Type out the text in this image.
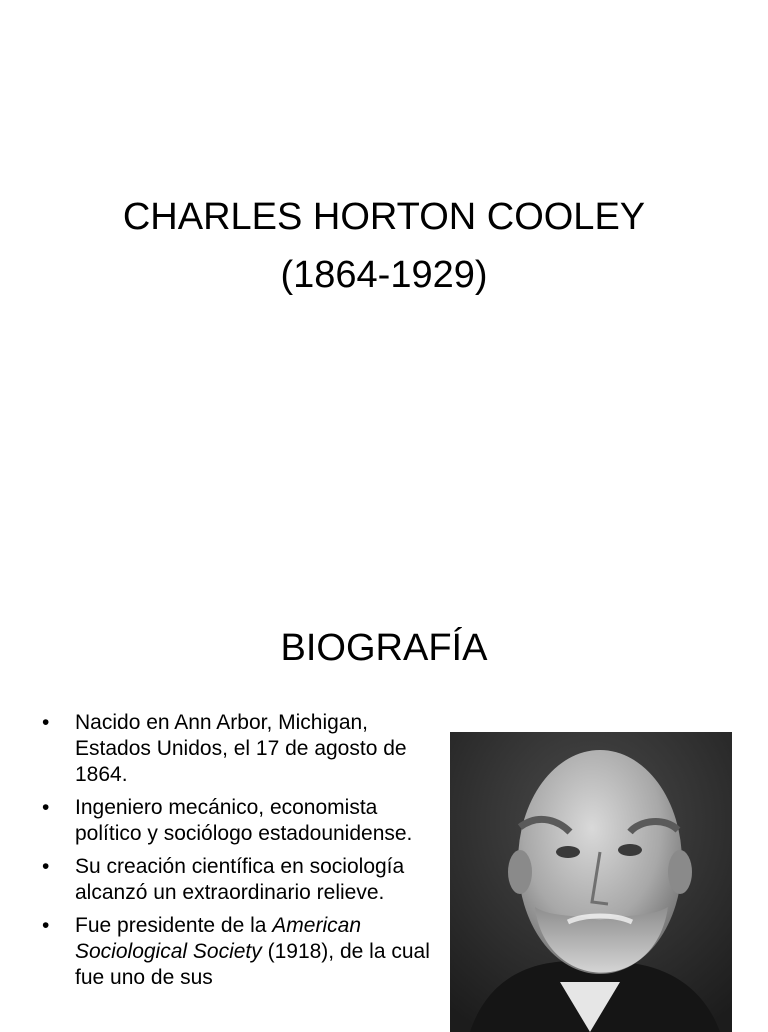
CHARLES HORTON COOLEY
(1864-1929)
BIOGRAFÍA
• Nacido en Ann Arbor, Michigan, Estados Unidos, el 17 de agosto de 1864.
• Ingeniero mecánico, economista político y sociólogo estadounidense.
• Su creación científica en sociología alcanzó un extraordinario relieve.
• Fue presidente de la American Sociological Society (1918), de la cual fue uno de sus
